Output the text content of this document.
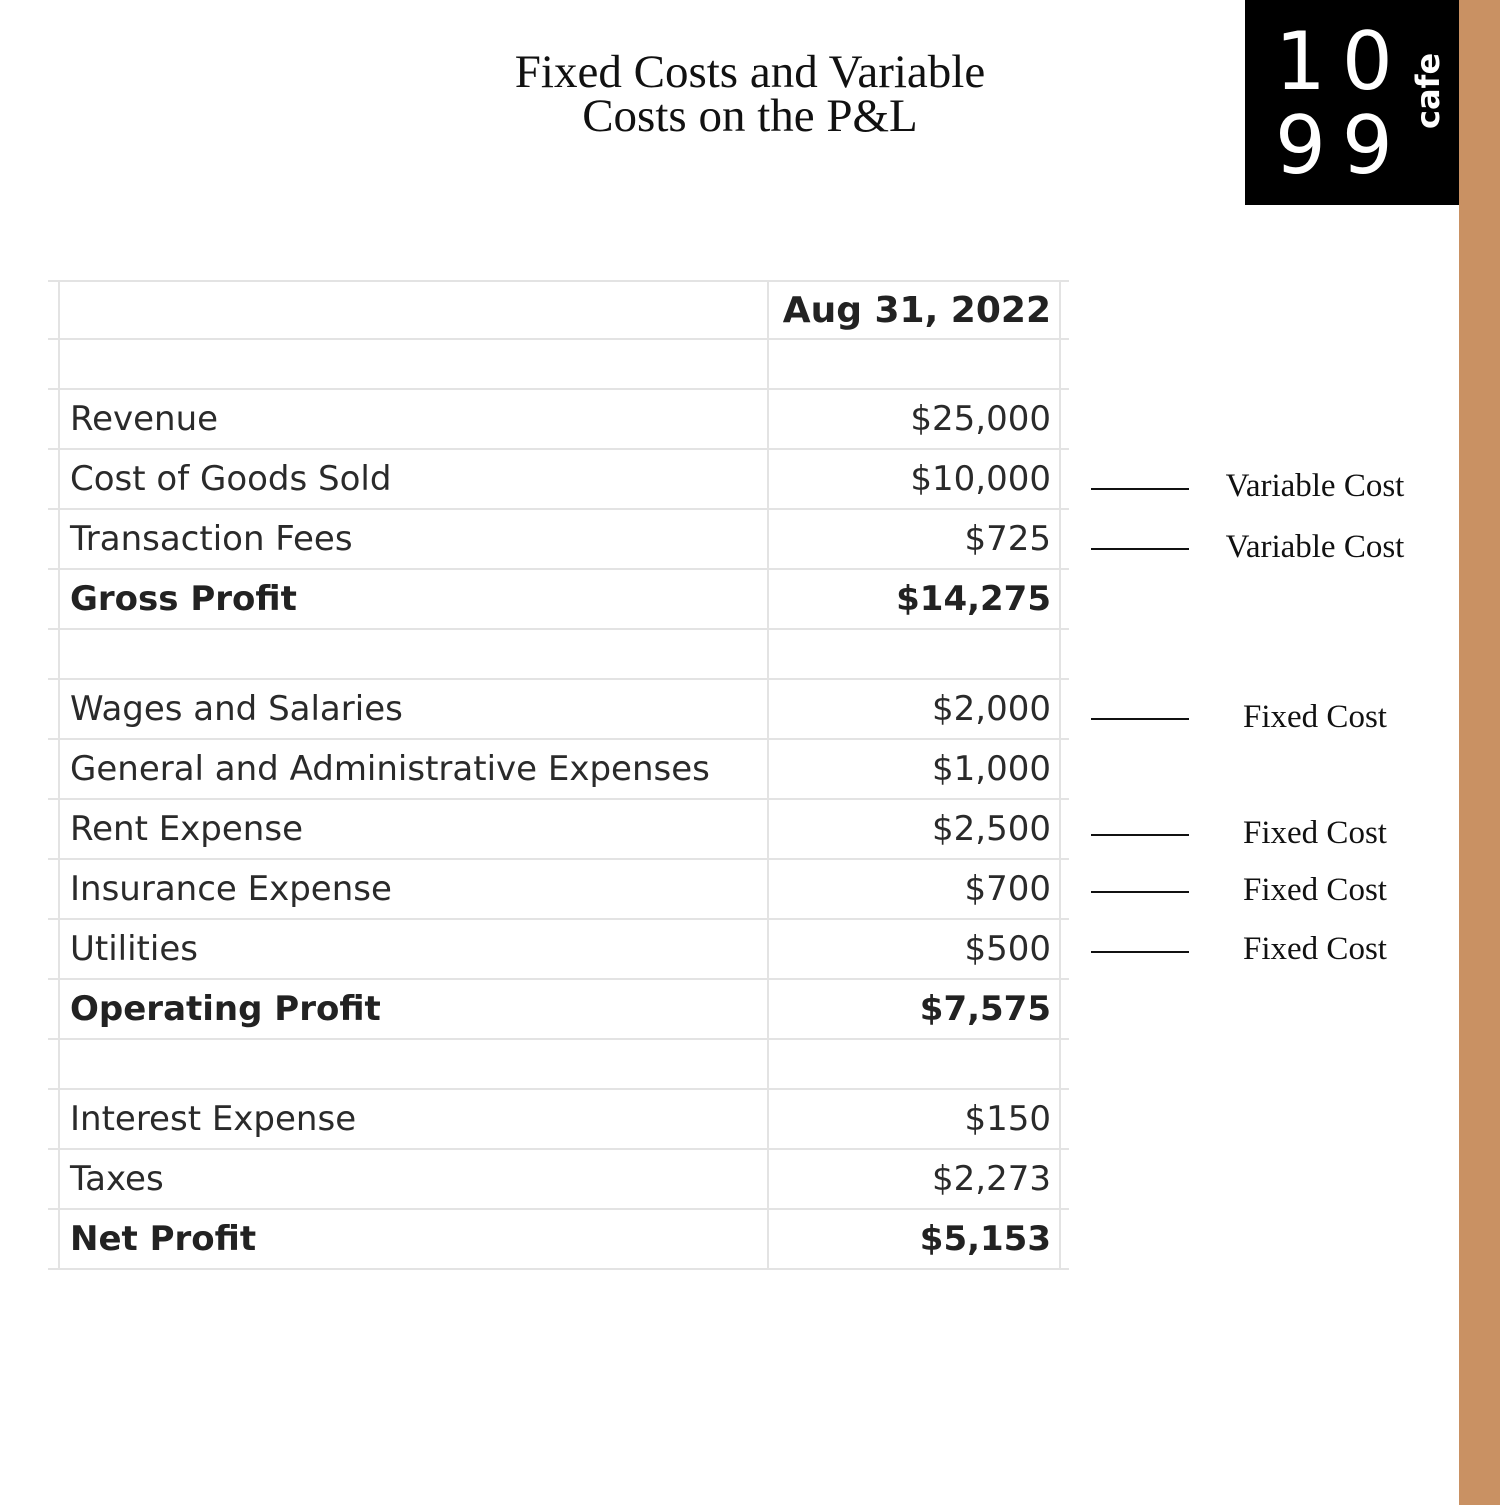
Fixed Costs and Variable
Costs on the P&L
10
99
cafe
		Aug 31, 2022	

	Revenue	$25,000	
	Cost of Goods Sold	$10,000	
	Transaction Fees	$725	
	Gross Profit	$14,275	

	Wages and Salaries	$2,000	
	General and Administrative Expenses	$1,000	
	Rent Expense	$2,500	
	Insurance Expense	$700	
	Utilities	$500	
	Operating Profit	$7,575	

	Interest Expense	$150	
	Taxes	$2,273	
	Net Profit	$5,153	
Variable Cost
Variable Cost
Fixed Cost
Fixed Cost
Fixed Cost
Fixed Cost
